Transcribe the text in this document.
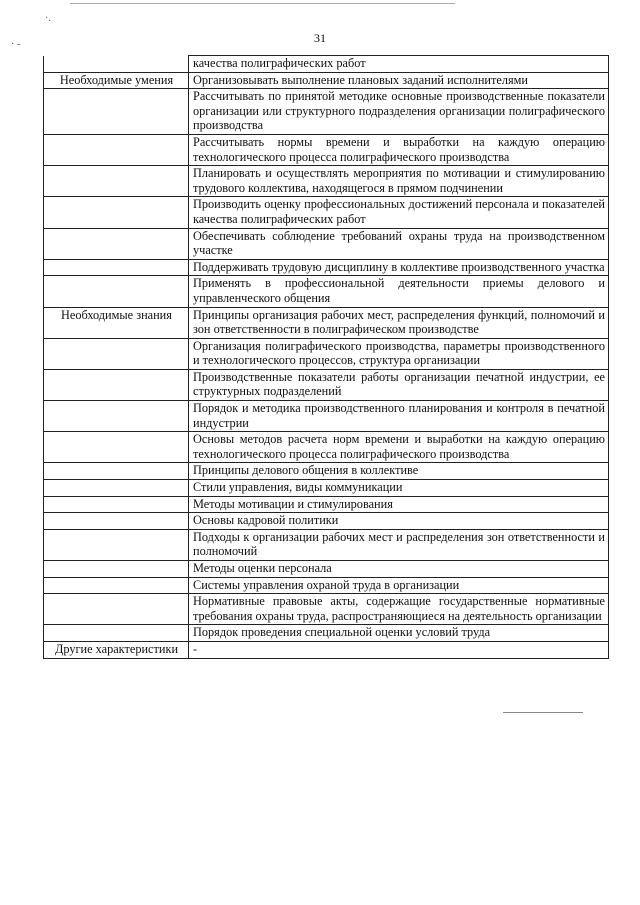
·.
· -	31
	качества полиграфических работ
Необходимые умения	Организовывать выполнение плановых заданий исполнителями
	Рассчитывать по принятой методике основные производственные показатели организации или структурного подразделения организации полиграфического производства
	Рассчитывать нормы времени и выработки на каждую операцию технологического процесса полиграфического производства
	Планировать и осуществлять мероприятия по мотивации и стимулированию трудового коллектива, находящегося в прямом подчинении
	Производить оценку профессиональных достижений персонала и показателей качества полиграфических работ
	Обеспечивать соблюдение требований охраны труда на производственном участке
	Поддерживать трудовую дисциплину в коллективе производственного участка
	Применять в профессиональной деятельности приемы делового и управленческого общения
Необходимые знания	Принципы организация рабочих мест, распределения функций, полномочий и зон ответственности в полиграфическом производстве
	Организация полиграфического производства, параметры производственного и технологического процессов, структура организации
	Производственные показатели работы организации печатной индустрии, ее структурных подразделений
	Порядок и методика производственного планирования и контроля в печатной индустрии
	Основы методов расчета норм времени и выработки на каждую операцию технологического процесса полиграфического производства
	Принципы делового общения в коллективе
	Стили управления, виды коммуникации
	Методы мотивации и стимулирования
	Основы кадровой политики
	Подходы к организации рабочих мест и распределения зон ответственности и полномочий
	Методы оценки персонала
	Системы управления охраной труда в организации
	Нормативные правовые акты, содержащие государственные нормативные требования охраны труда, распространяющиеся на деятельность организации
	Порядок проведения специальной оценки условий труда
Другие характеристики	-
